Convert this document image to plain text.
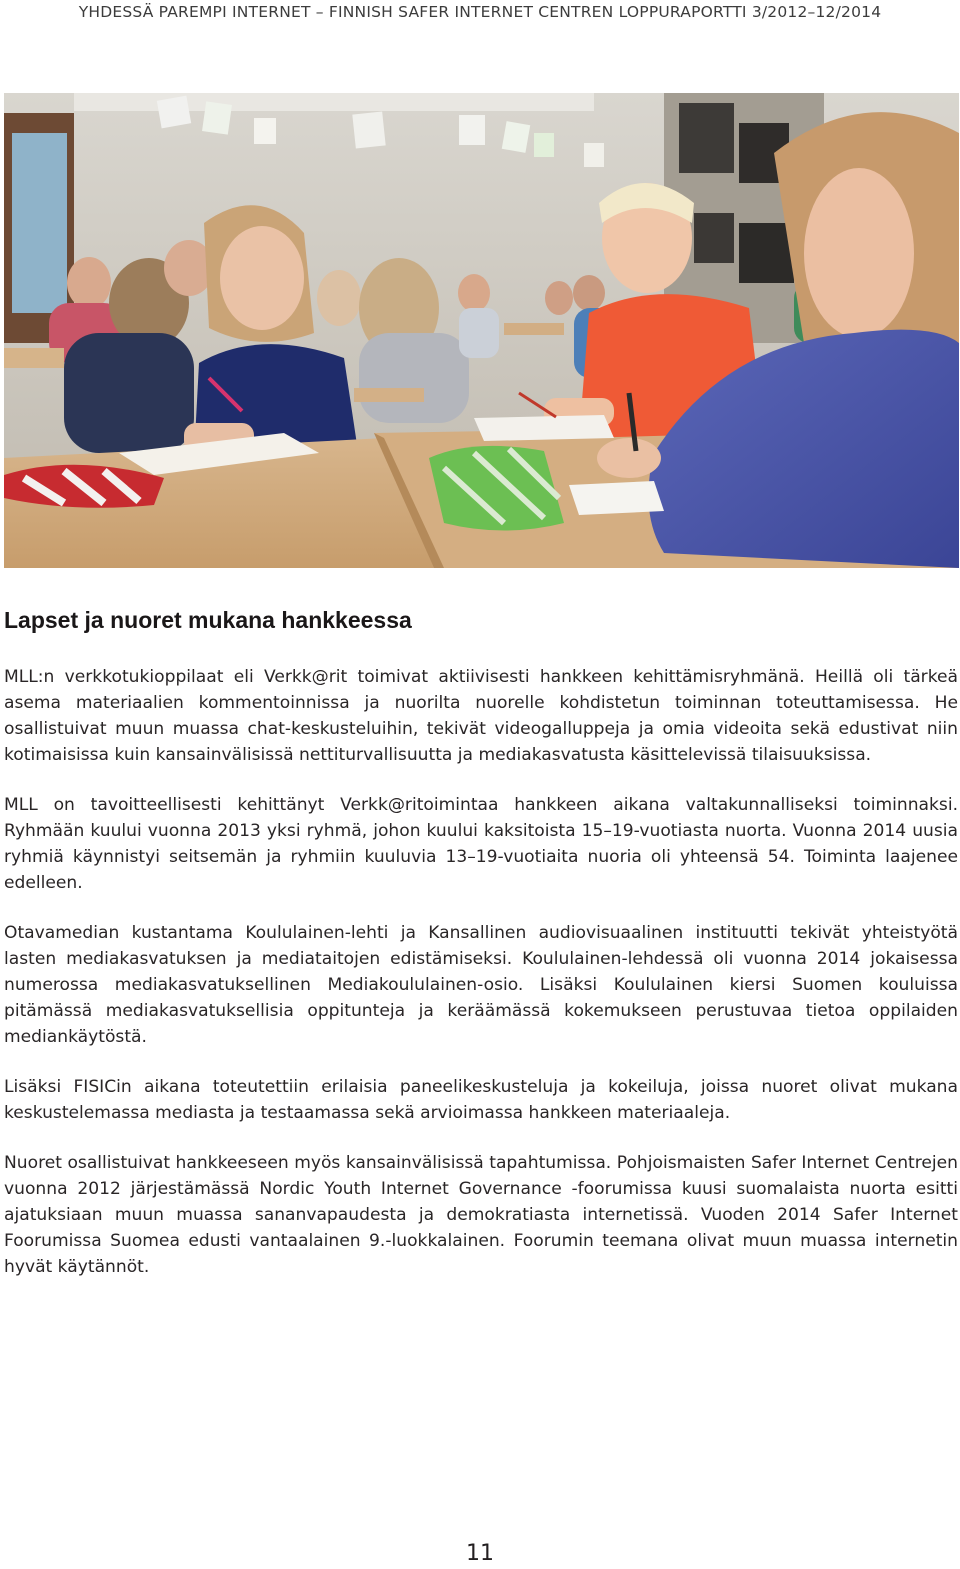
YHDESSÄ PAREMPI INTERNET – FINNISH SAFER INTERNET CENTREN LOPPURAPORTTI 3/2012–12/2014
Lapset ja nuoret mukana hankkeessa

MLL:n verkkotukioppilaat eli Verkk@rit toimivat aktiivisesti hankkeen kehittämisryhmänä. Heillä oli tärkeä asema materiaalien kommentoinnissa ja nuorilta nuorelle kohdistetun toiminnan toteuttamisessa. He osallistuivat muun muassa chat-keskusteluihin, tekivät videogalluppeja ja omia videoita sekä edustivat niin kotimaisissa kuin kansainvälisissä nettiturvallisuutta ja mediakasvatusta käsittelevissä tilaisuuksissa.

MLL on tavoitteellisesti kehittänyt Verkk@ritoimintaa hankkeen aikana valtakunnalliseksi toiminnaksi. Ryhmään kuului vuonna 2013 yksi ryhmä, johon kuului kaksitoista 15–19-vuotiasta nuorta. Vuonna 2014 uusia ryhmiä käynnistyi seitsemän ja ryhmiin kuuluvia 13–19-vuotiaita nuoria oli yhteensä 54. Toiminta laajenee edelleen.

Otavamedian kustantama Koululainen-lehti ja Kansallinen audiovisuaalinen instituutti tekivät yhteistyötä lasten mediakasvatuksen ja mediataitojen edistämiseksi. Koululainen-lehdessä oli vuonna 2014 jokaisessa numerossa mediakasvatuksellinen Mediakoululainen-osio. Lisäksi Koululainen kiersi Suomen kouluissa pitämässä mediakasvatuksellisia oppitunteja ja keräämässä kokemukseen perustuvaa tietoa oppilaiden mediankäytöstä.

Lisäksi FISICin aikana toteutettiin erilaisia paneelikeskusteluja ja kokeiluja, joissa nuoret olivat mukana keskustelemassa mediasta ja testaamassa sekä arvioimassa hankkeen materiaaleja.

Nuoret osallistuivat hankkeeseen myös kansainvälisissä tapahtumissa. Pohjoismaisten Safer Internet Centrejen vuonna 2012 järjestämässä Nordic Youth Internet Governance -foorumissa kuusi suomalaista nuorta esitti ajatuksiaan muun muassa sananvapaudesta ja demokratiasta internetissä. Vuoden 2014 Safer Internet Foorumissa Suomea edusti vantaalainen 9.-luokkalainen. Foorumin teemana olivat muun muassa internetin hyvät käytännöt.

11
